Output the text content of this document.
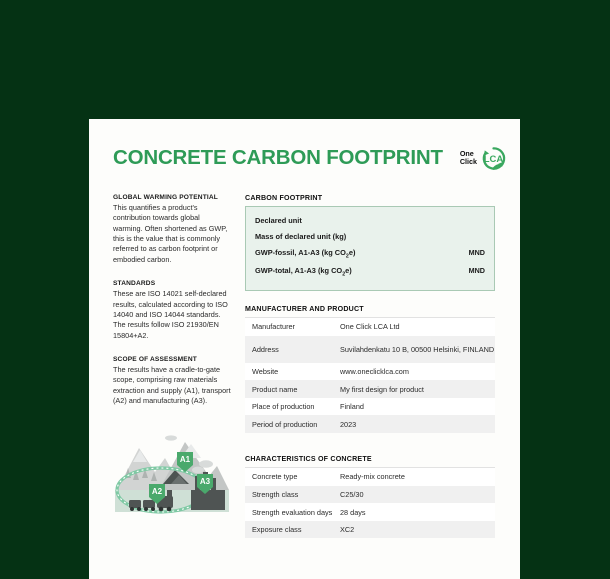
CONCRETE CARBON FOOTPRINT One
Click LCA
GLOBAL WARMING POTENTIAL
This quantifies a product's contribution towards global warming. Often shortened as GWP, this is the value that is commonly referred to as carbon footprint or embodied carbon.
STANDARDS
These are ISO 14021 self-declared results, calculated according to ISO 14040 and ISO 14044 standards. The results follow ISO 21930/EN 15804+A2.
SCOPE OF ASSESSMENT
The results have a cradle-to-gate scope, comprising raw materials extraction and supply (A1), transport (A2) and manufacturing (A3).
A1
A3
A2

CARBON FOOTPRINT
Declared unit
Mass of declared unit (kg)
GWP-fossil, A1-A3 (kg $CO_2e$)	MND
GWP-total, A1-A3 (kg $CO_2e$)	MND
MANUFACTURER AND PRODUCT
Manufacturer	One Click LCA Ltd
Address	Suvilahdenkatu 10 B, 00500 Helsinki, FINLAND
Website	www.oneclicklca.com
Product name	My first design for product
Place of production	Finland
Period of production	2023
CHARACTERISTICS OF CONCRETE
Concrete type	Ready-mix concrete
Strength class	C25/30
Strength evaluation days	28 days
Exposure class	XC2
